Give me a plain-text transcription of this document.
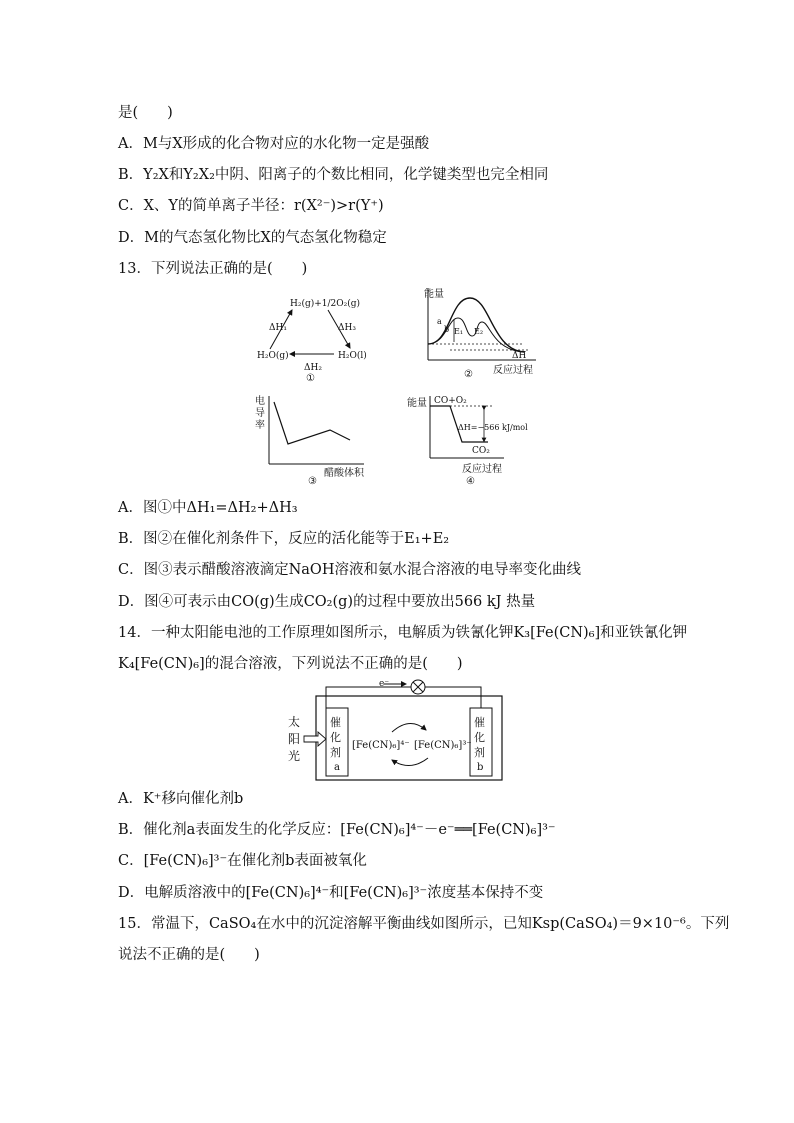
是(　　)
A．M与X形成的化合物对应的水化物一定是强酸
B．Y₂X和Y₂X₂中阴、阳离子的个数比相同，化学键类型也完全相同
C．X、Y的简单离子半径：r(X²⁻)>r(Y⁺)
D．M的气态氢化物比X的气态氢化物稳定
13．下列说法正确的是(　　)
H₂(g)+1/2O₂(g)
H₂O(g)	H₂O(l)
ΔH₁	ΔH₃
ΔH₂
①
能量
a
b E₁ E₂
ΔH
反应过程
②
电
导
率
醋酸体积
③
能量 CO+O₂
ΔH=−566 kJ/mol
CO₂
反应过程
④
A．图①中ΔH₁=ΔH₂+ΔH₃
B．图②在催化剂条件下，反应的活化能等于E₁+E₂
C．图③表示醋酸溶液滴定NaOH溶液和氨水混合溶液的电导率变化曲线
D．图④可表示由CO(g)生成CO₂(g)的过程中要放出566 kJ 热量
14．一种太阳能电池的工作原理如图所示，电解质为铁氰化钾K₃[Fe(CN)₆]和亚铁氰化钾
K₄[Fe(CN)₆]的混合溶液，下列说法不正确的是(　　)
e⁻
催
化
剂
a
催
化
剂
b
太
阳
光
[Fe(CN)₆]⁴⁻ [Fe(CN)₆]³⁻
A．K⁺移向催化剂b
B．催化剂a表面发生的化学反应：[Fe(CN)₆]⁴⁻－e⁻══[Fe(CN)₆]³⁻
C．[Fe(CN)₆]³⁻在催化剂b表面被氧化
D．电解质溶液中的[Fe(CN)₆]⁴⁻和[Fe(CN)₆]³⁻浓度基本保持不变
15．常温下，CaSO₄在水中的沉淀溶解平衡曲线如图所示，已知Ksp(CaSO₄)＝9×10⁻⁶。下列
说法不正确的是(　　)
